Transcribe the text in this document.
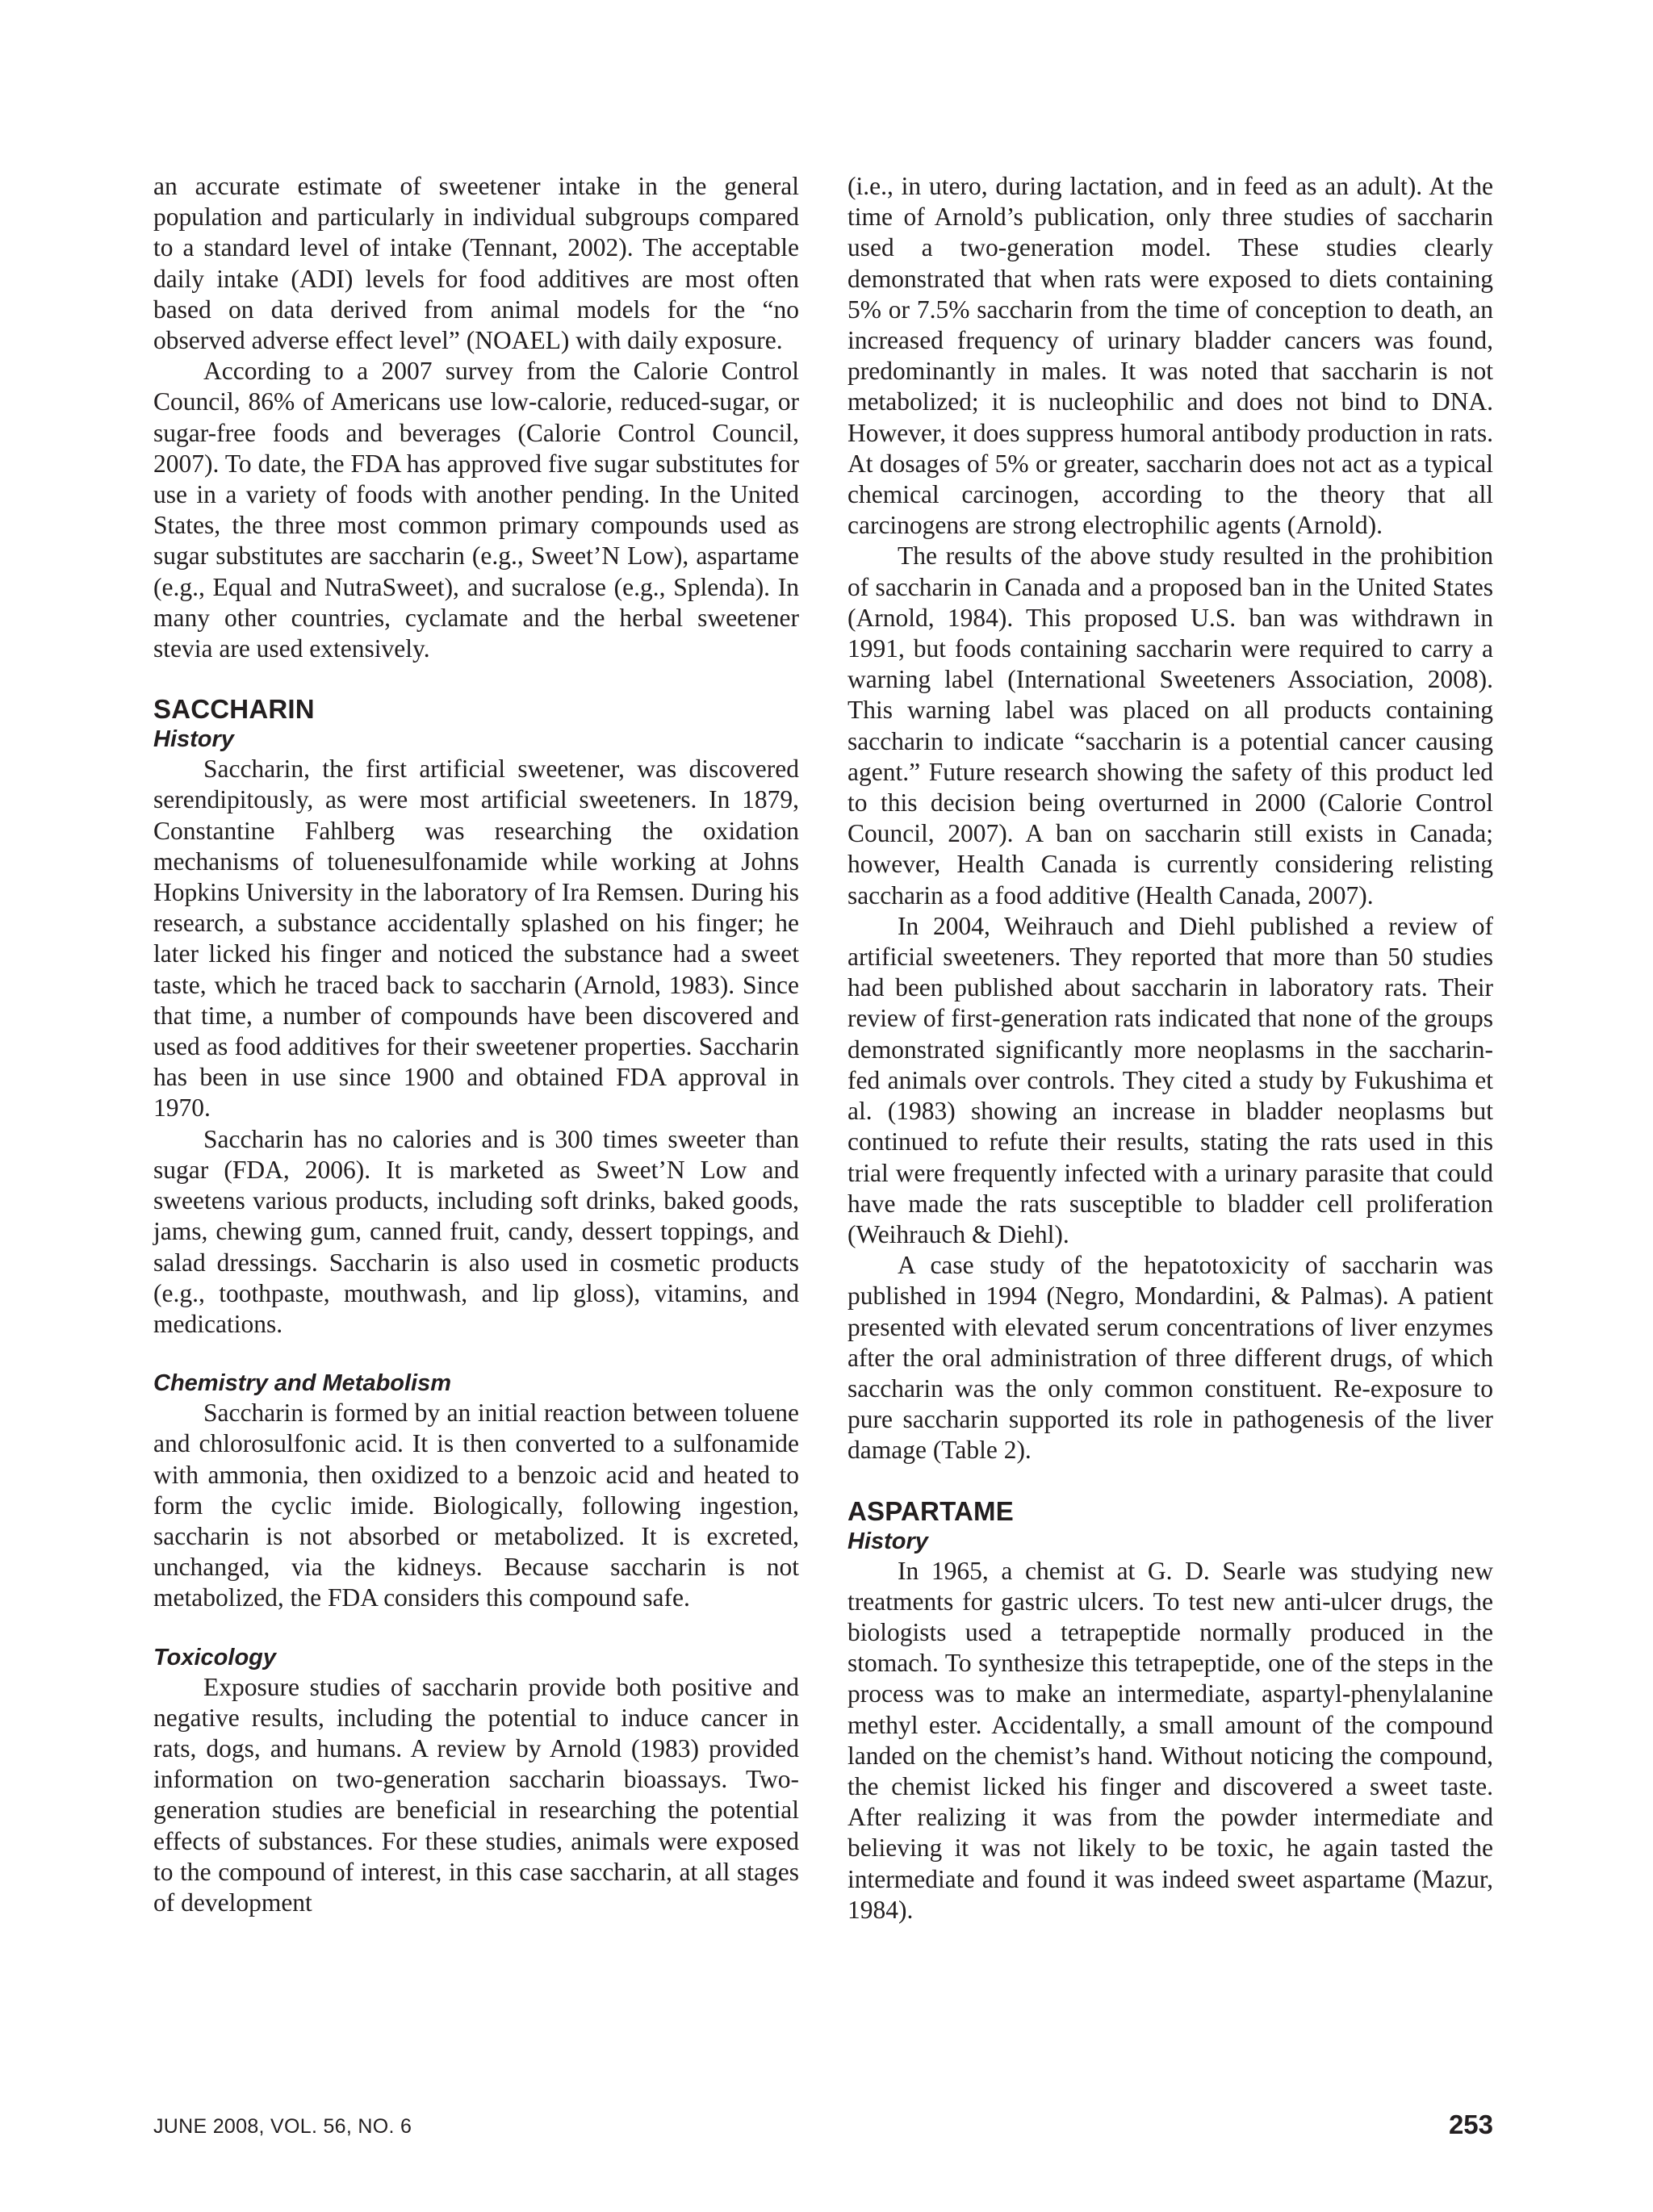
an accurate estimate of sweetener intake in the general population and particularly in individual subgroups compared to a standard level of intake (Tennant, 2002). The acceptable daily intake (ADI) levels for food additives are most often based on data derived from animal models for the “no observed adverse effect level” (NOAEL) with daily exposure.

According to a 2007 survey from the Calorie Control Council, 86% of Americans use low-calorie, reduced-sugar, or sugar-free foods and beverages (Calorie Control Council, 2007). To date, the FDA has approved five sugar substitutes for use in a variety of foods with another pending. In the United States, the three most common primary compounds used as sugar substitutes are saccharin (e.g., Sweet’N Low), aspartame (e.g., Equal and NutraSweet), and sucralose (e.g., Splenda). In many other countries, cyclamate and the herbal sweetener stevia are used extensively.

SACCHARIN
History

Saccharin, the first artificial sweetener, was discovered serendipitously, as were most artificial sweeteners. In 1879, Constantine Fahlberg was researching the oxidation mechanisms of toluenesulfonamide while working at Johns Hopkins University in the laboratory of Ira Remsen. During his research, a substance accidentally splashed on his finger; he later licked his finger and noticed the substance had a sweet taste, which he traced back to saccharin (Arnold, 1983). Since that time, a number of compounds have been discovered and used as food additives for their sweetener properties. Saccharin has been in use since 1900 and obtained FDA approval in 1970.

Saccharin has no calories and is 300 times sweeter than sugar (FDA, 2006). It is marketed as Sweet’N Low and sweetens various products, including soft drinks, baked goods, jams, chewing gum, canned fruit, candy, dessert toppings, and salad dressings. Saccharin is also used in cosmetic products (e.g., toothpaste, mouthwash, and lip gloss), vitamins, and medications.

Chemistry and Metabolism

Saccharin is formed by an initial reaction between toluene and chlorosulfonic acid. It is then converted to a sulfonamide with ammonia, then oxidized to a benzoic acid and heated to form the cyclic imide. Biologically, following ingestion, saccharin is not absorbed or metabolized. It is excreted, unchanged, via the kidneys. Because saccharin is not metabolized, the FDA considers this compound safe.

Toxicology

Exposure studies of saccharin provide both positive and negative results, including the potential to induce cancer in rats, dogs, and humans. A review by Arnold (1983) provided information on two-generation saccharin bioassays. Two-generation studies are beneficial in researching the potential effects of substances. For these studies, animals were exposed to the compound of interest, in this case saccharin, at all stages of development

(i.e., in utero, during lactation, and in feed as an adult). At the time of Arnold’s publication, only three studies of saccharin used a two-generation model. These studies clearly demonstrated that when rats were exposed to diets containing 5% or 7.5% saccharin from the time of conception to death, an increased frequency of urinary bladder cancers was found, predominantly in males. It was noted that saccharin is not metabolized; it is nucleophilic and does not bind to DNA. However, it does suppress humoral antibody production in rats. At dosages of 5% or greater, saccharin does not act as a typical chemical carcinogen, according to the theory that all carcinogens are strong electrophilic agents (Arnold).

The results of the above study resulted in the prohibition of saccharin in Canada and a proposed ban in the United States (Arnold, 1984). This proposed U.S. ban was withdrawn in 1991, but foods containing saccharin were required to carry a warning label (International Sweeteners Association, 2008). This warning label was placed on all products containing saccharin to indicate “saccharin is a potential cancer causing agent.” Future research showing the safety of this product led to this decision being overturned in 2000 (Calorie Control Council, 2007). A ban on saccharin still exists in Canada; however, Health Canada is currently considering relisting saccharin as a food additive (Health Canada, 2007).

In 2004, Weihrauch and Diehl published a review of artificial sweeteners. They reported that more than 50 studies had been published about saccharin in laboratory rats. Their review of first-generation rats indicated that none of the groups demonstrated significantly more neoplasms in the saccharin-fed animals over controls. They cited a study by Fukushima et al. (1983) showing an increase in bladder neoplasms but continued to refute their results, stating the rats used in this trial were frequently infected with a urinary parasite that could have made the rats susceptible to bladder cell proliferation (Weihrauch & Diehl).

A case study of the hepatotoxicity of saccharin was published in 1994 (Negro, Mondardini, & Palmas). A patient presented with elevated serum concentrations of liver enzymes after the oral administration of three different drugs, of which saccharin was the only common constituent. Re-exposure to pure saccharin supported its role in pathogenesis of the liver damage (Table 2).

ASPARTAME
History

In 1965, a chemist at G. D. Searle was studying new treatments for gastric ulcers. To test new anti-ulcer drugs, the biologists used a tetrapeptide normally produced in the stomach. To synthesize this tetrapeptide, one of the steps in the process was to make an intermediate, aspartyl-phenylalanine methyl ester. Accidentally, a small amount of the compound landed on the chemist’s hand. Without noticing the compound, the chemist licked his finger and discovered a sweet taste. After realizing it was from the powder intermediate and believing it was not likely to be toxic, he again tasted the intermediate and found it was indeed sweet aspartame (Mazur, 1984).

JUNE 2008, VOL. 56, NO. 6	253
